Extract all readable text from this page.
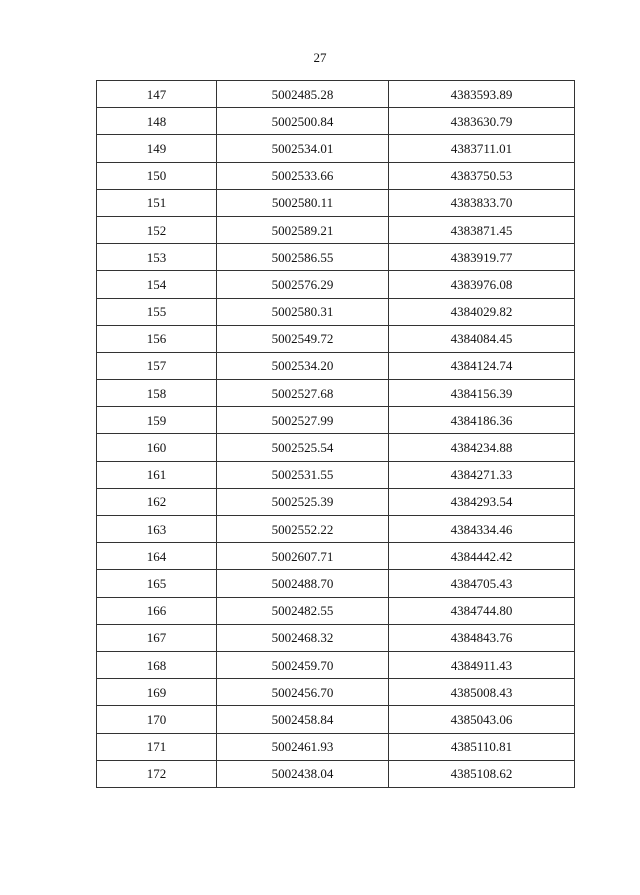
27
147	5002485.28	4383593.89
148	5002500.84	4383630.79
149	5002534.01	4383711.01
150	5002533.66	4383750.53
151	5002580.11	4383833.70
152	5002589.21	4383871.45
153	5002586.55	4383919.77
154	5002576.29	4383976.08
155	5002580.31	4384029.82
156	5002549.72	4384084.45
157	5002534.20	4384124.74
158	5002527.68	4384156.39
159	5002527.99	4384186.36
160	5002525.54	4384234.88
161	5002531.55	4384271.33
162	5002525.39	4384293.54
163	5002552.22	4384334.46
164	5002607.71	4384442.42
165	5002488.70	4384705.43
166	5002482.55	4384744.80
167	5002468.32	4384843.76
168	5002459.70	4384911.43
169	5002456.70	4385008.43
170	5002458.84	4385043.06
171	5002461.93	4385110.81
172	5002438.04	4385108.62
